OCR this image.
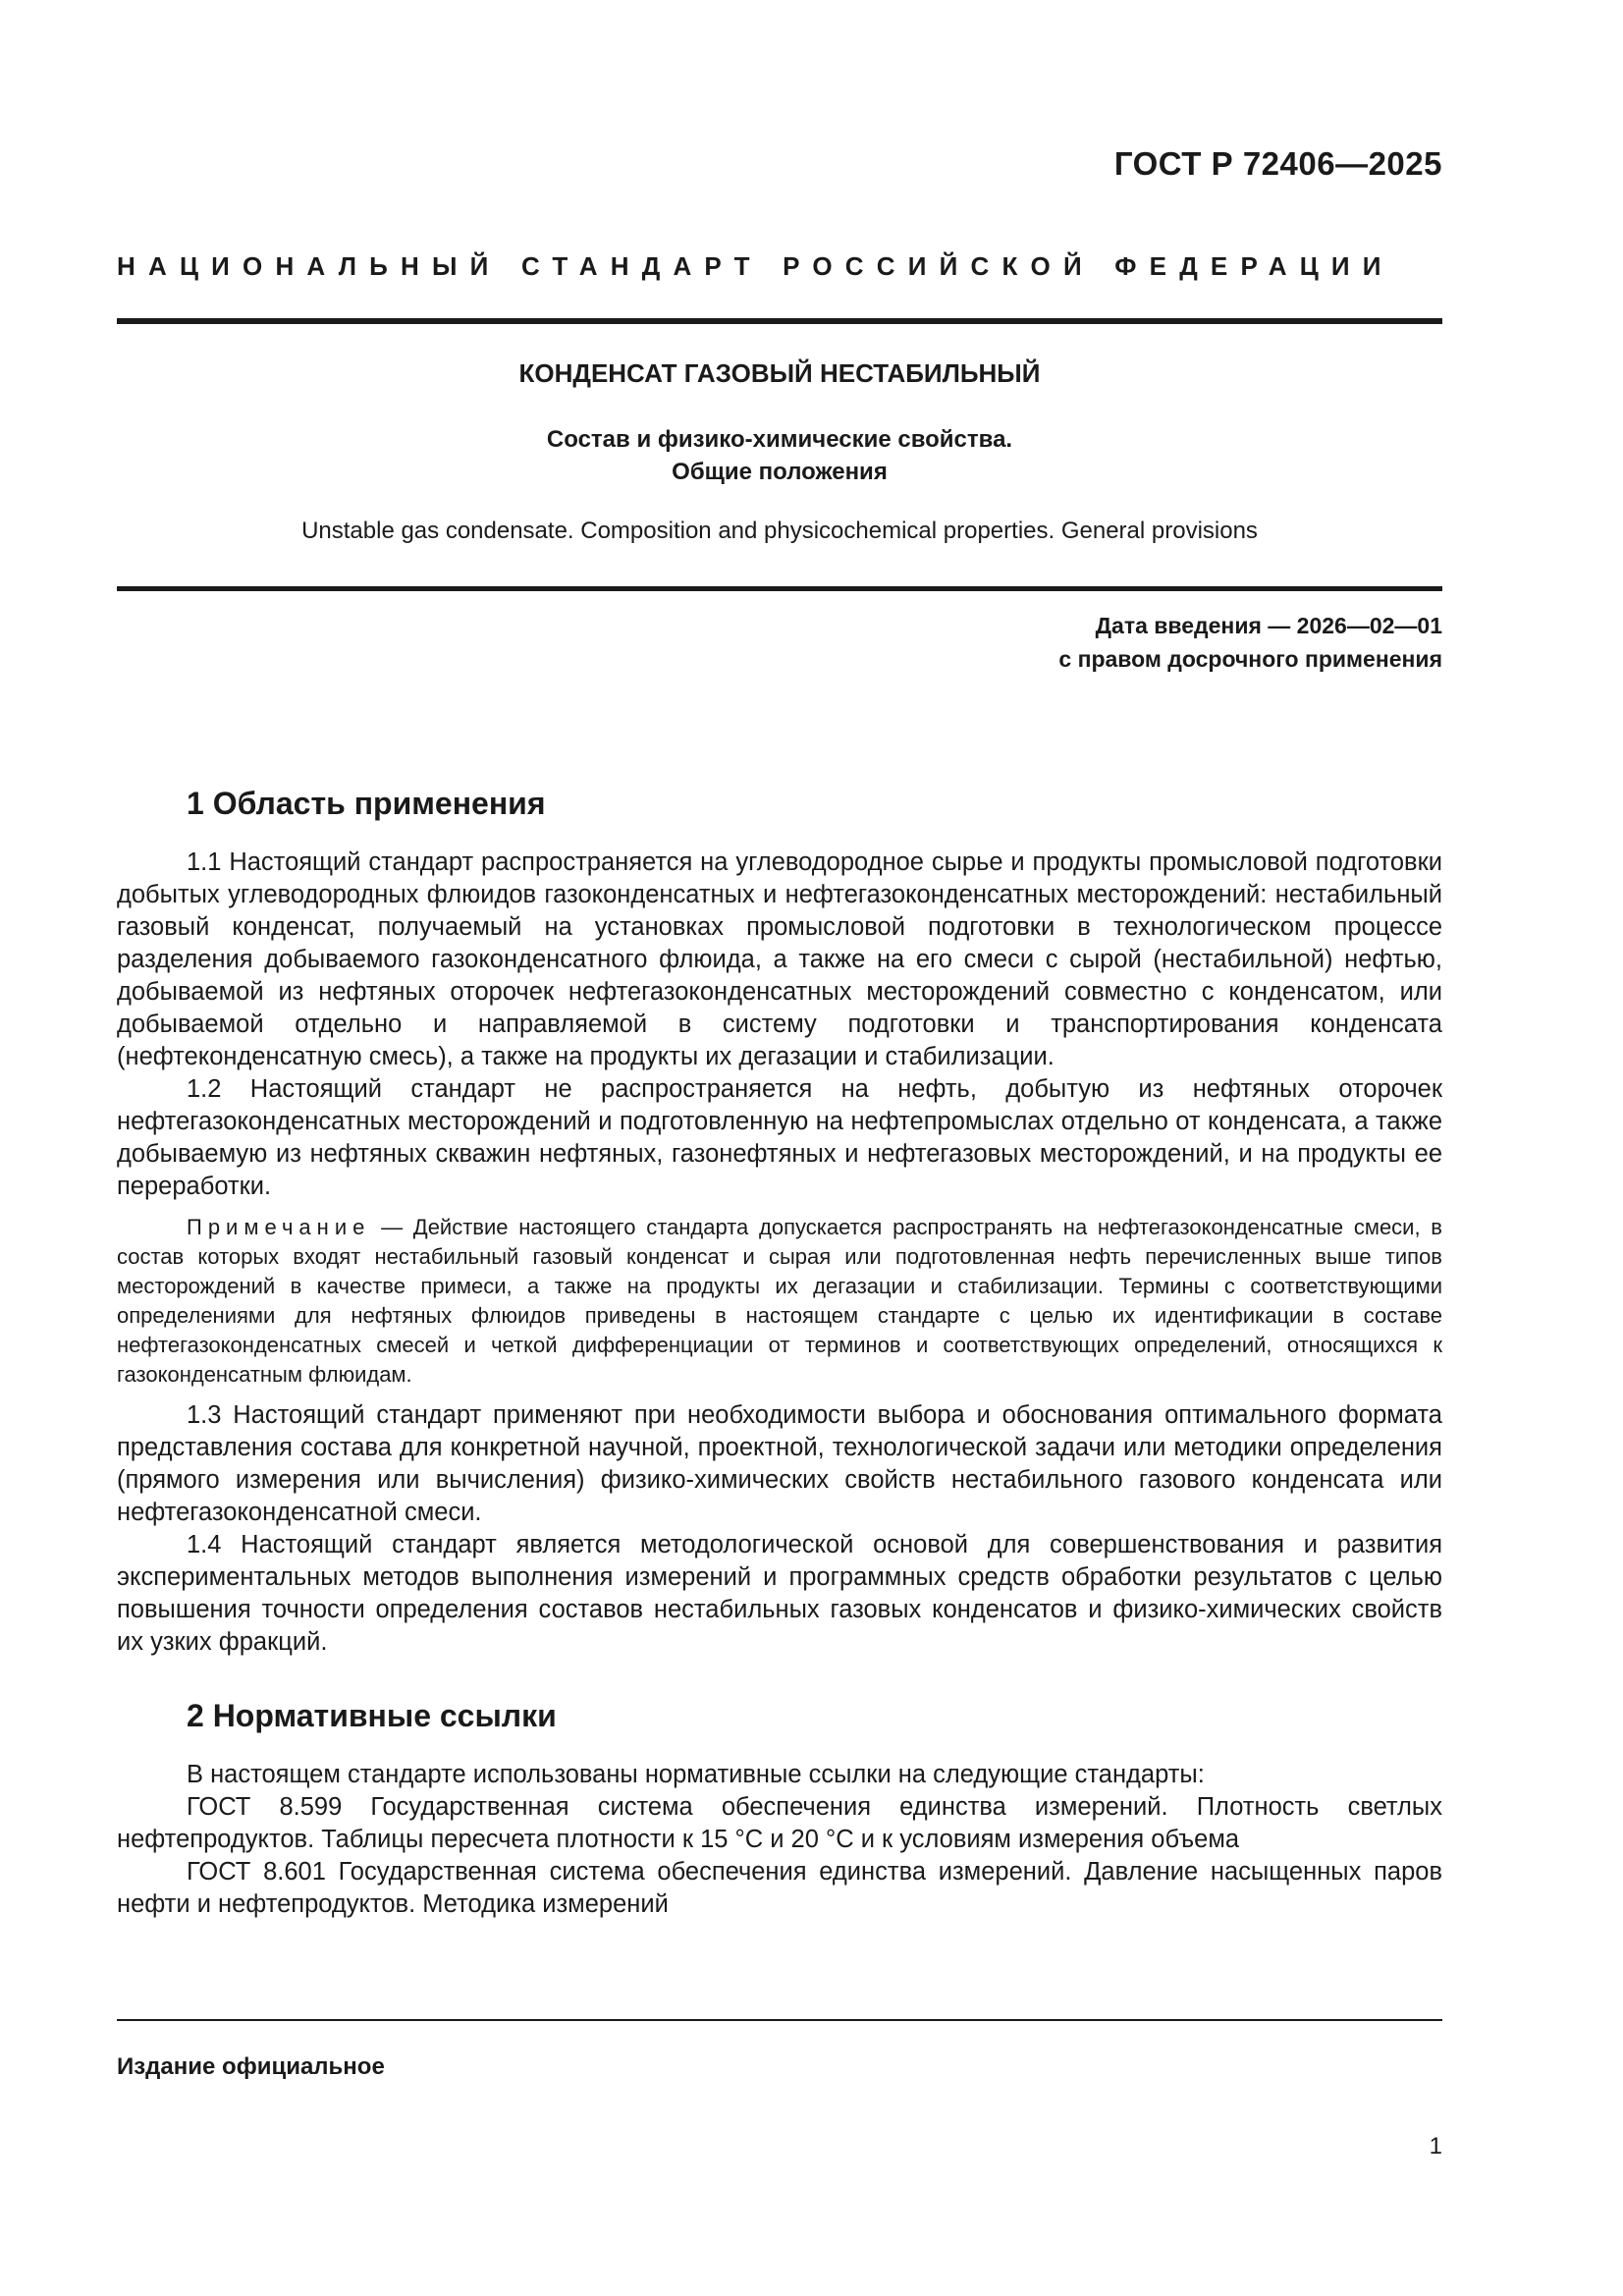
ГОСТ Р 72406—2025
НАЦИОНАЛЬНЫЙ СТАНДАРТ РОССИЙСКОЙ ФЕДЕРАЦИИ
КОНДЕНСАТ ГАЗОВЫЙ НЕСТАБИЛЬНЫЙ
Состав и физико-химические свойства.
Общие положения
Unstable gas condensate. Composition and physicochemical properties. General provisions
Дата введения — 2026—02—01
с правом досрочного применения
1 Область применения

1.1 Настоящий стандарт распространяется на углеводородное сырье и продукты промысловой подготовки добытых углеводородных флюидов газоконденсатных и нефтегазоконденсатных месторождений: нестабильный газовый конденсат, получаемый на установках промысловой подготовки в технологическом процессе разделения добываемого газоконденсатного флюида, а также на его смеси с сырой (нестабильной) нефтью, добываемой из нефтяных оторочек нефтегазоконденсатных месторождений совместно с конденсатом, или добываемой отдельно и направляемой в систему подготовки и транспортирования конденсата (нефтеконденсатную смесь), а также на продукты их дегазации и стабилизации.

1.2 Настоящий стандарт не распространяется на нефть, добытую из нефтяных оторочек нефтегазоконденсатных месторождений и подготовленную на нефтепромыслах отдельно от конденсата, а также добываемую из нефтяных скважин нефтяных, газонефтяных и нефтегазовых месторождений, и на продукты ее переработки.

Примечание — Действие настоящего стандарта допускается распространять на нефтегазоконденсатные смеси, в состав которых входят нестабильный газовый конденсат и сырая или подготовленная нефть перечисленных выше типов месторождений в качестве примеси, а также на продукты их дегазации и стабилизации. Термины с соответствующими определениями для нефтяных флюидов приведены в настоящем стандарте с целью их идентификации в составе нефтегазоконденсатных смесей и четкой дифференциации от терминов и соответствующих определений, относящихся к газоконденсатным флюидам.

1.3 Настоящий стандарт применяют при необходимости выбора и обоснования оптимального формата представления состава для конкретной научной, проектной, технологической задачи или методики определения (прямого измерения или вычисления) физико-химических свойств нестабильного газового конденсата или нефтегазоконденсатной смеси.

1.4 Настоящий стандарт является методологической основой для совершенствования и развития экспериментальных методов выполнения измерений и программных средств обработки результатов с целью повышения точности определения составов нестабильных газовых конденсатов и физико-химических свойств их узких фракций.

2 Нормативные ссылки

В настоящем стандарте использованы нормативные ссылки на следующие стандарты:

ГОСТ 8.599 Государственная система обеспечения единства измерений. Плотность светлых нефтепродуктов. Таблицы пересчета плотности к 15 °С и 20 °С и к условиям измерения объема

ГОСТ 8.601 Государственная система обеспечения единства измерений. Давление насыщенных паров нефти и нефтепродуктов. Методика измерений

Издание официальное
1
